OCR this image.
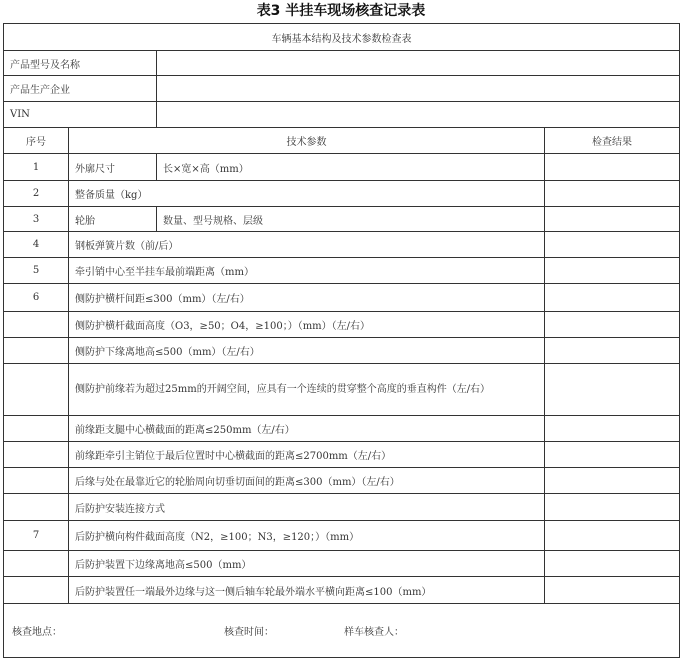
表3 半挂车现场核查记录表
车辆基本结构及技术参数检查表			
产品型号及名称			
产品生产企业			
VIN			
序号	技术参数		检查结果
1	外廓尺寸	长×宽×高（mm）	
2	整备质量（kg）		
3	轮胎	数量、型号规格、层级	
4	钢板弹簧片数（前/后）		
5	牵引销中心至半挂车最前端距离（mm）		
6	侧防护横杆间距≤300（mm）（左/右）		
	侧防护横杆截面高度（O3，≥50；O4，≥100；）（mm）（左/右）		
	侧防护下缘离地高≤500（mm）（左/右）		
	侧防护前缘若为超过25mm的开阔空间，应具有一个连续的贯穿整个高度的垂直构件（左/右）		
	前缘距支腿中心横截面的距离≤250mm（左/右）		
	前缘距牵引主销位于最后位置时中心横截面的距离≤2700mm（左/右）		
	后缘与处在最靠近它的轮胎周向切垂切面间的距离≤300（mm）（左/右）		
	后防护安装连接方式		
7	后防护横向构件截面高度（N2，≥100；N3，≥120；）（mm）		
	后防护装置下边缘离地高≤500（mm）		
	后防护装置任一端最外边缘与这一侧后轴车轮最外端水平横向距离≤100（mm）		
核查地点： 核查时间： 样车核查人：			
